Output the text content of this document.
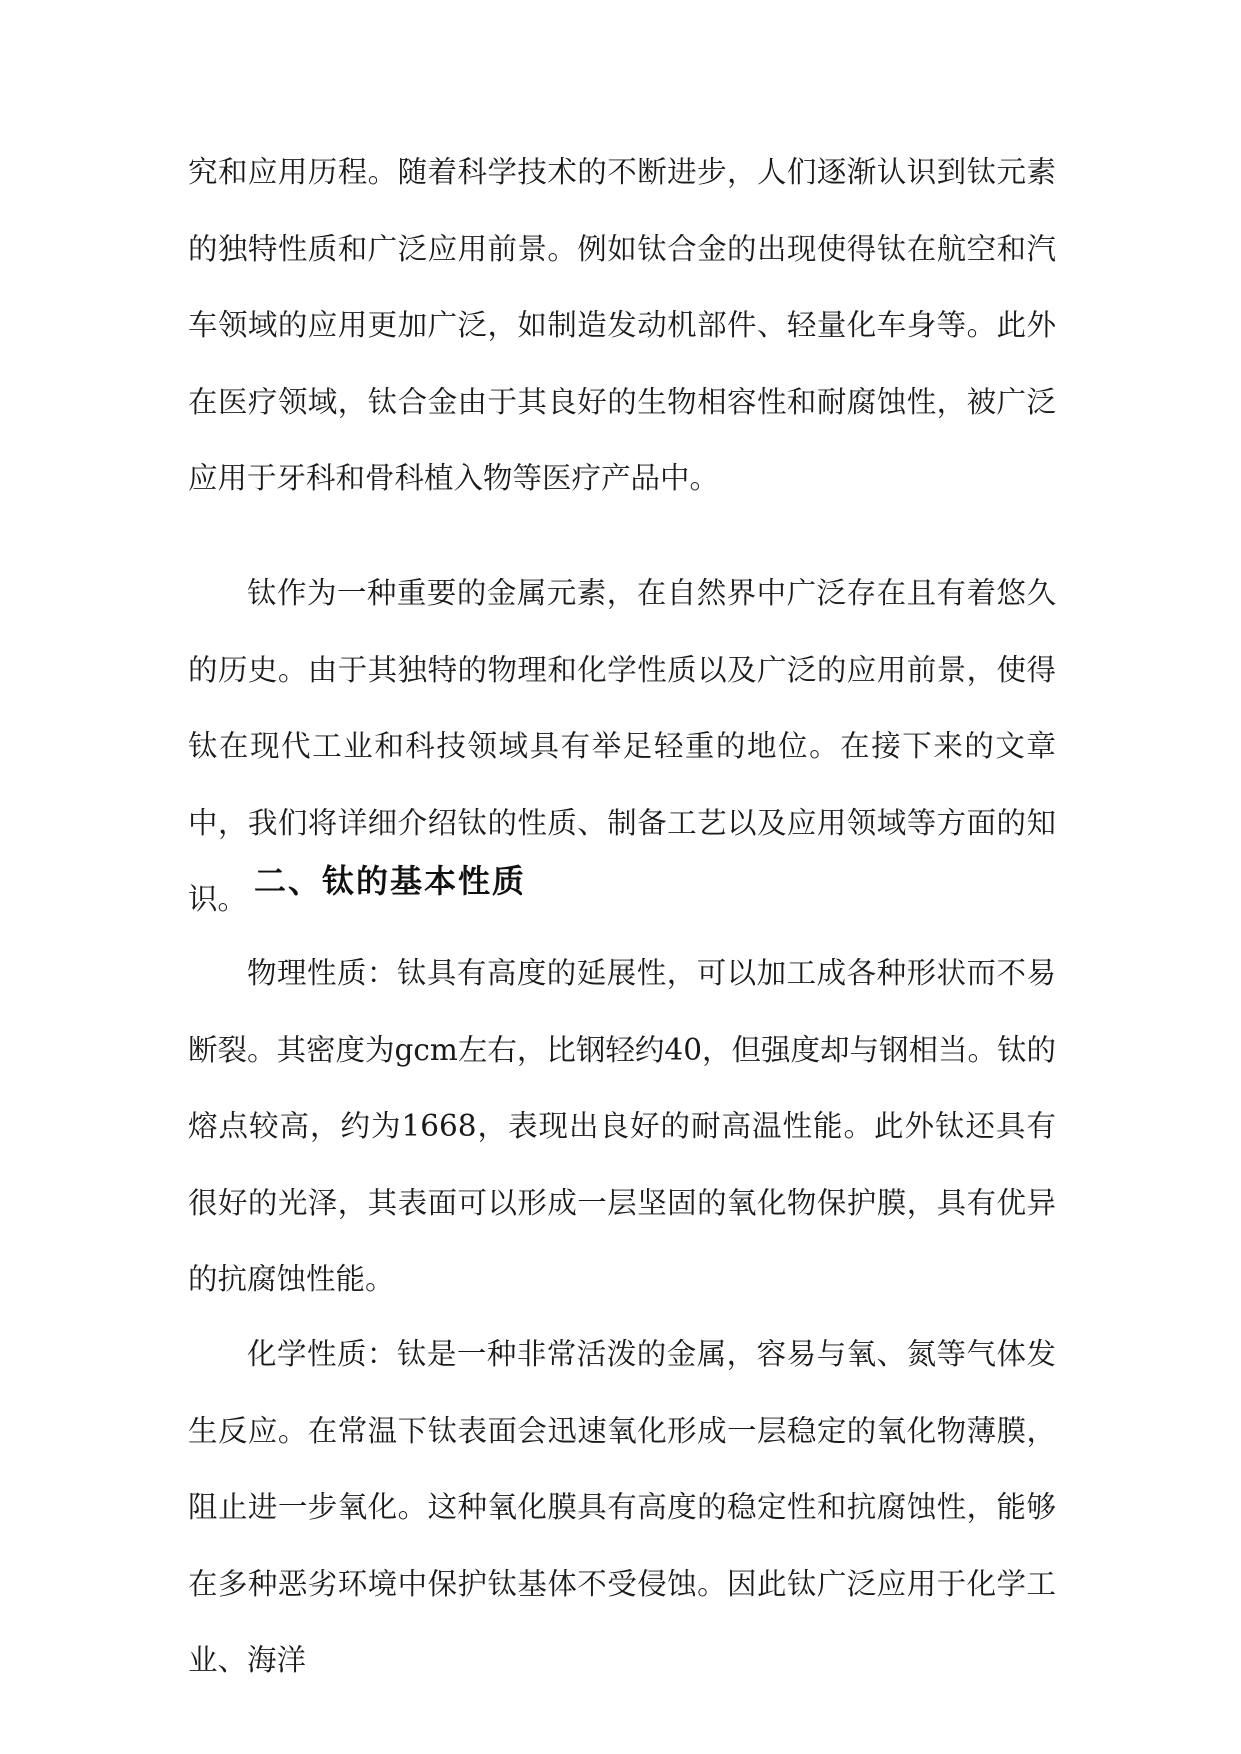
究和应用历程。随着科学技术的不断进步，人们逐渐认识到钛元素的独特性质和广泛应用前景。例如钛合金的出现使得钛在航空和汽车领域的应用更加广泛，如制造发动机部件、轻量化车身等。此外在医疗领域，钛合金由于其良好的生物相容性和耐腐蚀性，被广泛应用于牙科和骨科植入物等医疗产品中。

钛作为一种重要的金属元素，在自然界中广泛存在且有着悠久的历史。由于其独特的物理和化学性质以及广泛的应用前景，使得钛在现代工业和科技领域具有举足轻重的地位。在接下来的文章中，我们将详细介绍钛的性质、制备工艺以及应用领域等方面的知识。 二、钛的基本性质

物理性质：钛具有高度的延展性，可以加工成各种形状而不易断裂。其密度为gcm左右，比钢轻约40，但强度却与钢相当。钛的熔点较高，约为1668，表现出良好的耐高温性能。此外钛还具有很好的光泽，其表面可以形成一层坚固的氧化物保护膜，具有优异的抗腐蚀性能。

化学性质：钛是一种非常活泼的金属，容易与氧、氮等气体发生反应。在常温下钛表面会迅速氧化形成一层稳定的氧化物薄膜，阻止进一步氧化。这种氧化膜具有高度的稳定性和抗腐蚀性，能够在多种恶劣环境中保护钛基体不受侵蚀。因此钛广泛应用于化学工业、海洋
